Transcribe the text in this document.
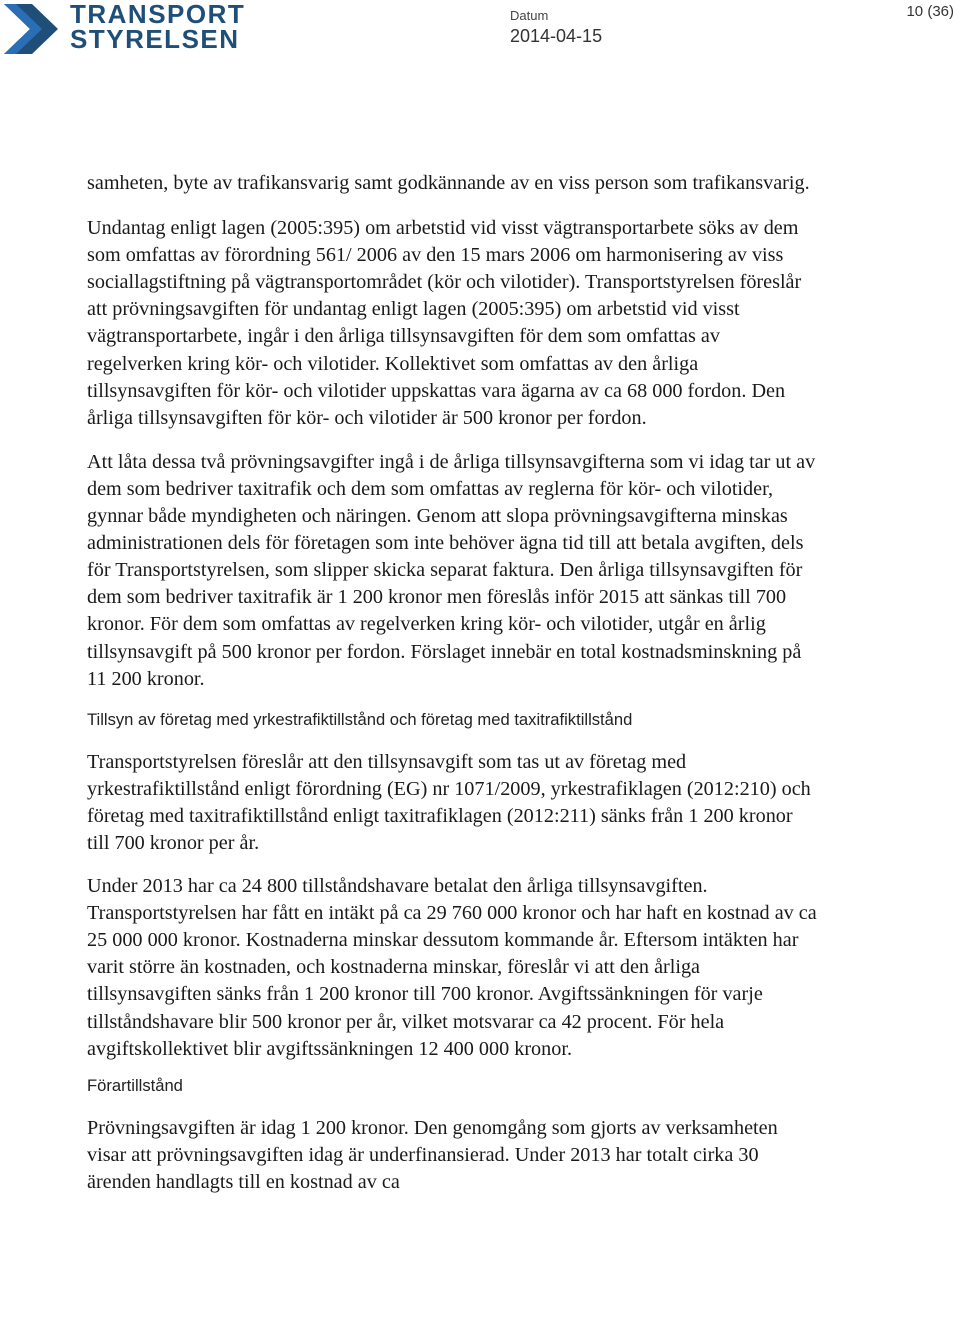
TRANSPORT
STYRELSEN
Datum
2014-04-15
10 (36)

samheten, byte av trafikansvarig samt godkännande av en viss person som trafikansvarig.

Undantag enligt lagen (2005:395) om arbetstid vid visst vägtransportarbete söks av dem som omfattas av förordning 561/ 2006 av den 15 mars 2006 om harmonisering av viss sociallagstiftning på vägtransportområdet (kör och vilotider). Transportstyrelsen föreslår att prövningsavgiften för undantag enligt lagen (2005:395) om arbetstid vid visst vägtransportarbete, ingår i den årliga tillsynsavgiften för dem som omfattas av regelverken kring kör- och vilotider. Kollektivet som omfattas av den årliga tillsynsavgiften för kör- och vilotider uppskattas vara ägarna av ca 68 000 fordon. Den årliga tillsynsavgiften för kör- och vilotider är 500 kronor per fordon.

Att låta dessa två prövningsavgifter ingå i de årliga tillsynsavgifterna som vi idag tar ut av dem som bedriver taxitrafik och dem som omfattas av reglerna för kör- och vilotider, gynnar både myndigheten och näringen. Genom att slopa prövningsavgifterna minskas administrationen dels för företagen som inte behöver ägna tid till att betala avgiften, dels för Transportstyrelsen, som slipper skicka separat faktura. Den årliga tillsynsavgiften för dem som bedriver taxitrafik är 1 200 kronor men föreslås inför 2015 att sänkas till 700 kronor. För dem som omfattas av regelverken kring kör- och vilotider, utgår en årlig tillsynsavgift på 500 kronor per fordon. Förslaget innebär en total kostnadsminskning på 11 200 kronor.

Tillsyn av företag med yrkestrafiktillstånd och företag med taxitrafiktillstånd

Transportstyrelsen föreslår att den tillsynsavgift som tas ut av företag med yrkestrafiktillstånd enligt förordning (EG) nr 1071/2009, yrkestrafiklagen (2012:210) och företag med taxitrafiktillstånd enligt taxitrafiklagen (2012:211) sänks från 1 200 kronor till 700 kronor per år.

Under 2013 har ca 24 800 tillståndshavare betalat den årliga tillsynsavgiften. Transportstyrelsen har fått en intäkt på ca 29 760 000 kronor och har haft en kostnad av ca 25 000 000 kronor. Kostnaderna minskar dessutom kommande år. Eftersom intäkten har varit större än kostnaden, och kostnaderna minskar, föreslår vi att den årliga tillsynsavgiften sänks från 1 200 kronor till 700 kronor. Avgiftssänkningen för varje tillståndshavare blir 500 kronor per år, vilket motsvarar ca 42 procent. För hela avgiftskollektivet blir avgiftssänkningen 12 400 000 kronor.

Förartillstånd

Prövningsavgiften är idag 1 200 kronor. Den genomgång som gjorts av verksamheten visar att prövningsavgiften idag är underfinansierad. Under 2013 har totalt cirka 30 ärenden handlagts till en kostnad av ca
